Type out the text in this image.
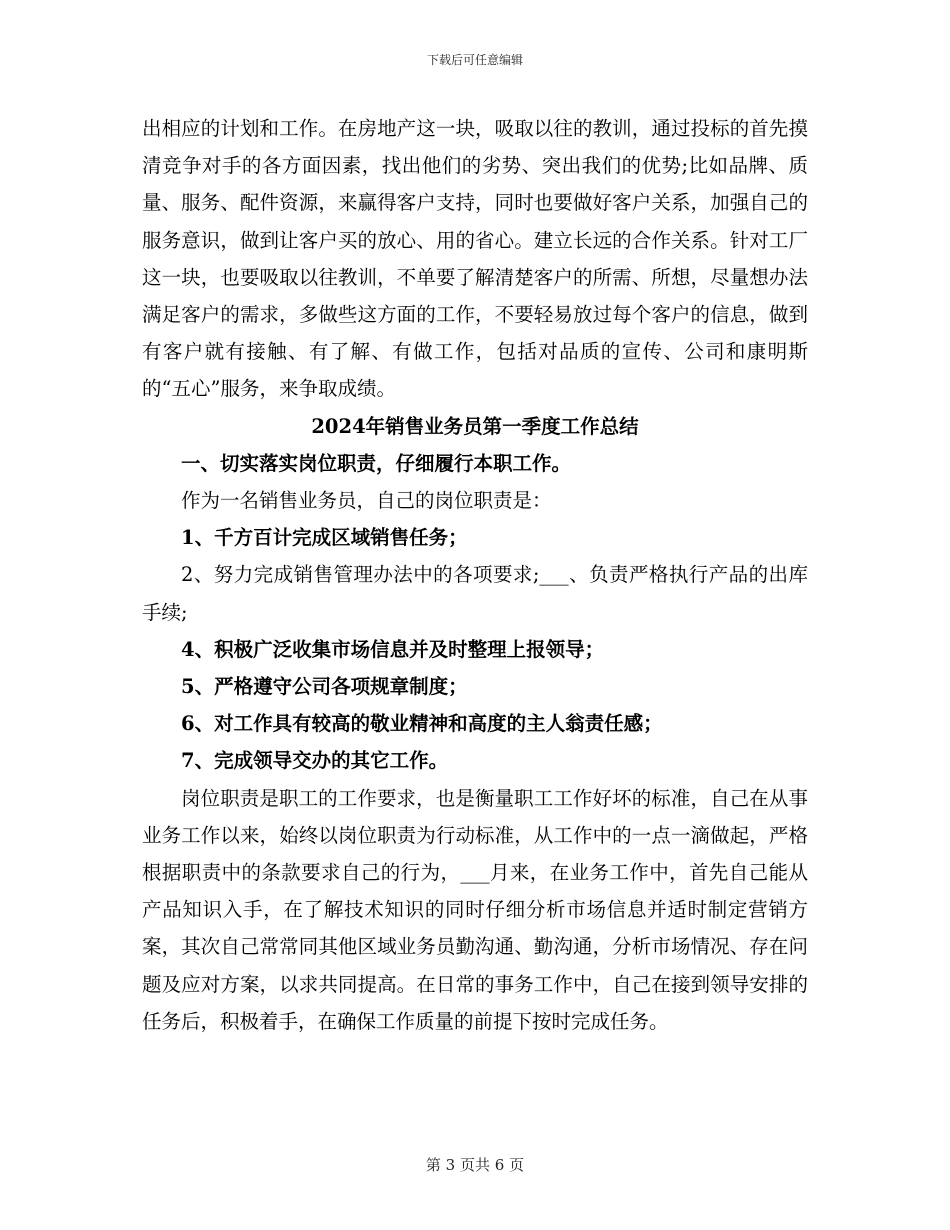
下载后可任意编辑

出相应的计划和工作。在房地产这一块，吸取以往的教训，通过投标的首先摸清竞争对手的各方面因素，找出他们的劣势、突出我们的优势;比如品牌、质量、服务、配件资源，来赢得客户支持，同时也要做好客户关系，加强自己的服务意识，做到让客户买的放心、用的省心。建立长远的合作关系。针对工厂这一块，也要吸取以往教训，不单要了解清楚客户的所需、所想，尽量想办法满足客户的需求，多做些这方面的工作，不要轻易放过每个客户的信息，做到有客户就有接触、有了解、有做工作，包括对品质的宣传、公司和康明斯的“五心”服务，来争取成绩。

2024年销售业务员第一季度工作总结

一、切实落实岗位职责，仔细履行本职工作。

作为一名销售业务员，自己的岗位职责是：

1、千方百计完成区域销售任务；

2、努力完成销售管理办法中的各项要求;___、负责严格执行产品的出库手续;

4、积极广泛收集市场信息并及时整理上报领导；

5、严格遵守公司各项规章制度；

6、对工作具有较高的敬业精神和高度的主人翁责任感；

7、完成领导交办的其它工作。

岗位职责是职工的工作要求，也是衡量职工工作好坏的标准，自己在从事业务工作以来，始终以岗位职责为行动标准，从工作中的一点一滴做起，严格根据职责中的条款要求自己的行为，___月来，在业务工作中，首先自己能从产品知识入手，在了解技术知识的同时仔细分析市场信息并适时制定营销方案，其次自己常常同其他区域业务员勤沟通、勤沟通，分析市场情况、存在问题及应对方案，以求共同提高。在日常的事务工作中，自己在接到领导安排的任务后，积极着手，在确保工作质量的前提下按时完成任务。

第 3 页共 6 页
